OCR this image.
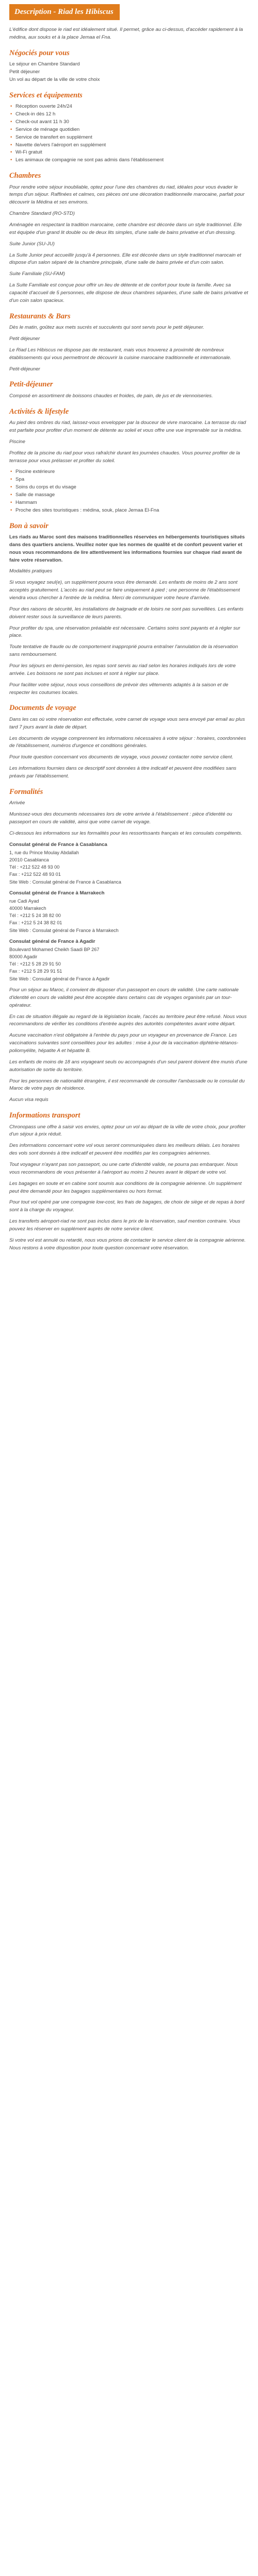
Description - Riad les Hibiscus

L'édifice dont dispose le riad est idéalement situé. Il permet, grâce au ci-dessus, d'accéder rapidement à la médina, aux souks et à la place Jemaa el Fna.

Négociés pour vous

Le séjour en Chambre Standard

Petit déjeuner

Un vol au départ de la ville de votre choix

Services et équipements
• Réception ouverte 24h/24
• Check-in dès 12 h
• Check-out avant 11 h 30
• Service de ménage quotidien
• Service de transfert en supplément
• Navette de/vers l'aéroport en supplément
• Wi-Fi gratuit
• Les animaux de compagnie ne sont pas admis dans l'établissement
Chambres

Pour rendre votre séjour inoubliable, optez pour l'une des chambres du riad, idéales pour vous évader le temps d'un séjour. Raffinées et calmes, ces pièces ont une décoration traditionnelle marocaine, parfait pour découvrir la Médina et ses environs.

Chambre Standard (RO-STD)

Aménagée en respectant la tradition marocaine, cette chambre est décorée dans un style traditionnel. Elle est équipée d'un grand lit double ou de deux lits simples, d'une salle de bains privative et d'un dressing.

Suite Junior (SU-JU)

La Suite Junior peut accueillir jusqu'à 4 personnes. Elle est décorée dans un style traditionnel marocain et dispose d'un salon séparé de la chambre principale, d'une salle de bains privée et d'un coin salon.

Suite Familiale (SU-FAM)

La Suite Familiale est conçue pour offrir un lieu de détente et de confort pour toute la famille. Avec sa capacité d'accueil de 5 personnes, elle dispose de deux chambres séparées, d'une salle de bains privative et d'un coin salon spacieux.

Restaurants & Bars

Dès le matin, goûtez aux mets sucrés et succulents qui sont servis pour le petit déjeuner.

Petit déjeuner

Le Riad Les Hibiscus ne dispose pas de restaurant, mais vous trouverez à proximité de nombreux établissements qui vous permettront de découvrir la cuisine marocaine traditionnelle et internationale.

Petit-déjeuner

Petit-déjeuner

Composé en assortiment de boissons chaudes et froides, de pain, de jus et de viennoiseries.

Activités & lifestyle

Au pied des ombres du riad, laissez-vous envelopper par la douceur de vivre marocaine. La terrasse du riad est parfaite pour profiter d'un moment de détente au soleil et vous offre une vue imprenable sur la médina.

Piscine

Profitez de la piscine du riad pour vous rafraîchir durant les journées chaudes. Vous pourrez profiter de la terrasse pour vous prélasser et profiter du soleil.

• Piscine extérieure
• Spa
• Soins du corps et du visage
• Salle de massage
• Hammam
• Proche des sites touristiques : médina, souk, place Jemaa El-Fna
Bon à savoir

Les riads au Maroc sont des maisons traditionnelles réservées en hébergements touristiques situés dans des quartiers anciens. Veuillez noter que les normes de qualité et de confort peuvent varier et nous vous recommandons de lire attentivement les informations fournies sur chaque riad avant de faire votre réservation.

Modalités pratiques

Si vous voyagez seul(e), un supplément pourra vous être demandé. Les enfants de moins de 2 ans sont acceptés gratuitement. L'accès au riad peut se faire uniquement à pied ; une personne de l'établissement viendra vous chercher à l'entrée de la médina. Merci de communiquer votre heure d'arrivée.

Pour des raisons de sécurité, les installations de baignade et de loisirs ne sont pas surveillées. Les enfants doivent rester sous la surveillance de leurs parents.

Pour profiter du spa, une réservation préalable est nécessaire. Certains soins sont payants et à régler sur place.

Toute tentative de fraude ou de comportement inapproprié pourra entraîner l'annulation de la réservation sans remboursement.

Pour les séjours en demi-pension, les repas sont servis au riad selon les horaires indiqués lors de votre arrivée. Les boissons ne sont pas incluses et sont à régler sur place.

Pour faciliter votre séjour, nous vous conseillons de prévoir des vêtements adaptés à la saison et de respecter les coutumes locales.

Documents de voyage

Dans les cas où votre réservation est effectuée, votre carnet de voyage vous sera envoyé par email au plus tard 7 jours avant la date de départ.

Les documents de voyage comprennent les informations nécessaires à votre séjour : horaires, coordonnées de l'établissement, numéros d'urgence et conditions générales.

Pour toute question concernant vos documents de voyage, vous pouvez contacter notre service client.

Les informations fournies dans ce descriptif sont données à titre indicatif et peuvent être modifiées sans préavis par l'établissement.

Formalités

Arrivée

Munissez-vous des documents nécessaires lors de votre arrivée à l'établissement : pièce d'identité ou passeport en cours de validité, ainsi que votre carnet de voyage.

Ci-dessous les informations sur les formalités pour les ressortissants français et les consulats compétents.

Consulat général de France à Casablanca
1, rue du Prince Moulay Abdallah
20010 Casablanca
Tél : +212 522 48 93 00
Fax : +212 522 48 93 01
Site Web : Consulat général de France à Casablanca
Consulat général de France à Marrakech
rue Cadi Ayad
40000 Marrakech
Tél : +212 5 24 38 82 00
Fax : +212 5 24 38 82 01
Site Web : Consulat général de France à Marrakech
Consulat général de France à Agadir
Boulevard Mohamed Cheikh Saadi BP 267
80000 Agadir
Tél : +212 5 28 29 91 50
Fax : +212 5 28 29 91 51
Site Web : Consulat général de France à Agadir

Pour un séjour au Maroc, il convient de disposer d'un passeport en cours de validité. Une carte nationale d'identité en cours de validité peut être acceptée dans certains cas de voyages organisés par un tour-opérateur.

En cas de situation illégale au regard de la législation locale, l'accès au territoire peut être refusé. Nous vous recommandons de vérifier les conditions d'entrée auprès des autorités compétentes avant votre départ.

Aucune vaccination n'est obligatoire à l'entrée du pays pour un voyageur en provenance de France. Les vaccinations suivantes sont conseillées pour les adultes : mise à jour de la vaccination diphtérie-tétanos-poliomyélite, hépatite A et hépatite B.

Les enfants de moins de 18 ans voyageant seuls ou accompagnés d'un seul parent doivent être munis d'une autorisation de sortie du territoire.

Pour les personnes de nationalité étrangère, il est recommandé de consulter l'ambassade ou le consulat du Maroc de votre pays de résidence.

Aucun visa requis

Informations transport

Chronopass une offre à saisir vos envies, optez pour un vol au départ de la ville de votre choix, pour profiter d'un séjour à prix réduit.

Des informations concernant votre vol vous seront communiquées dans les meilleurs délais. Les horaires des vols sont donnés à titre indicatif et peuvent être modifiés par les compagnies aériennes.

Tout voyageur n'ayant pas son passeport, ou une carte d'identité valide, ne pourra pas embarquer. Nous vous recommandons de vous présenter à l'aéroport au moins 2 heures avant le départ de votre vol.

Les bagages en soute et en cabine sont soumis aux conditions de la compagnie aérienne. Un supplément peut être demandé pour les bagages supplémentaires ou hors format.

Pour tout vol opéré par une compagnie low-cost, les frais de bagages, de choix de siège et de repas à bord sont à la charge du voyageur.

Les transferts aéroport-riad ne sont pas inclus dans le prix de la réservation, sauf mention contraire. Vous pouvez les réserver en supplément auprès de notre service client.

Si votre vol est annulé ou retardé, nous vous prions de contacter le service client de la compagnie aérienne. Nous restons à votre disposition pour toute question concernant votre réservation.
